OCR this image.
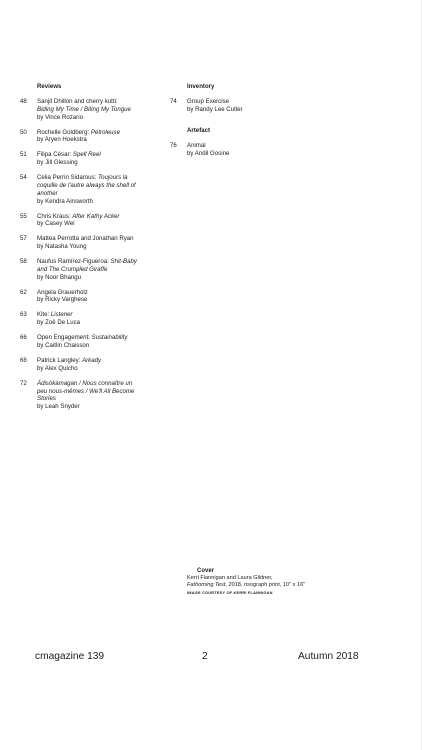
Reviews
48	Sanjit Dhillon and cherry kutti:
Biding My Time / Biting My Tongue
by Vince Rozario
50	Rochelle Goldberg: Pétroleuse
by Aryen Hoekstra
51	Filipa César: Spell Reel
by Jill Glessing
54	Celia Perrin Sidarous: Toujours la
coquille de l'autre always the shell of
another
by Kendra Ainsworth
55	Chris Kraus: After Kathy Acker
by Casey Wei
57	Mattea Perrotta and Jonathan Ryan
by Natasha Young
58	Naufus Ramírez-Figueroa: Shit-Baby
and The Crumpled Giraffe
by Noor Bhangu
62	Angela Grauerholz
by Ricky Varghese
63	Kite: Listener
by Zoë De Luca
66	Open Engagement: Sustainability
by Caitlin Chaisson
68	Patrick Langley: Arkady
by Alex Quicho
72	Ädisòkàmagan / Nous connaître un
peu nous-mêmes / We'll All Become
Stories
by Leah Snyder
Inventory
74	Group Exercise
by Randy Lee Cutler
Artefact
76	Animal
by Andil Gosine
Cover
Kerri Flannigan and Laura Gildner,
Fathoming Test, 2018, risograph print, 10" x 16"
IMAGE COURTESY OF KERRI FLANNIGAN
cmagazine 139	2	Autumn 2018
